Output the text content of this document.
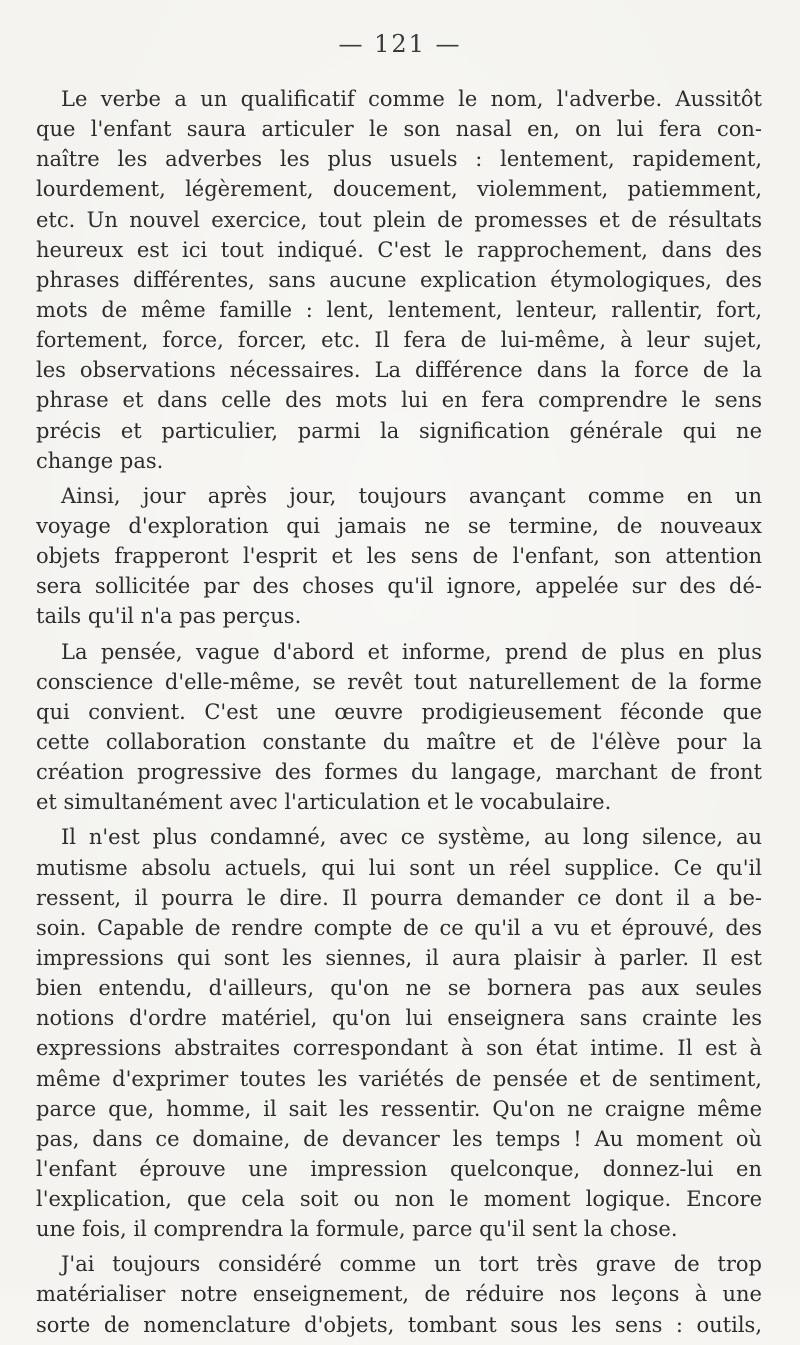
— 121 —
Le verbe a un qualificatif comme le nom, l'adverbe. Aussitôt
que l'enfant saura articuler le son nasal en, on lui fera con-
naître les adverbes les plus usuels : lentement, rapidement,
lourdement, légèrement, doucement, violemment, patiemment,
etc. Un nouvel exercice, tout plein de promesses et de résultats
heureux est ici tout indiqué. C'est le rapprochement, dans des
phrases différentes, sans aucune explication étymologiques, des
mots de même famille : lent, lentement, lenteur, rallentir, fort,
fortement, force, forcer, etc. Il fera de lui-même, à leur sujet,
les observations nécessaires. La différence dans la force de la
phrase et dans celle des mots lui en fera comprendre le sens
précis et particulier, parmi la signification générale qui ne
change pas.
Ainsi, jour après jour, toujours avançant comme en un
voyage d'exploration qui jamais ne se termine, de nouveaux
objets frapperont l'esprit et les sens de l'enfant, son attention
sera sollicitée par des choses qu'il ignore, appelée sur des dé-
tails qu'il n'a pas perçus.
La pensée, vague d'abord et informe, prend de plus en plus
conscience d'elle-même, se revêt tout naturellement de la forme
qui convient. C'est une œuvre prodigieusement féconde que
cette collaboration constante du maître et de l'élève pour la
création progressive des formes du langage, marchant de front
et simultanément avec l'articulation et le vocabulaire.
Il n'est plus condamné, avec ce système, au long silence, au
mutisme absolu actuels, qui lui sont un réel supplice. Ce qu'il
ressent, il pourra le dire. Il pourra demander ce dont il a be-
soin. Capable de rendre compte de ce qu'il a vu et éprouvé, des
impressions qui sont les siennes, il aura plaisir à parler. Il est
bien entendu, d'ailleurs, qu'on ne se bornera pas aux seules
notions d'ordre matériel, qu'on lui enseignera sans crainte les
expressions abstraites correspondant à son état intime. Il est à
même d'exprimer toutes les variétés de pensée et de sentiment,
parce que, homme, il sait les ressentir. Qu'on ne craigne même
pas, dans ce domaine, de devancer les temps ! Au moment où
l'enfant éprouve une impression quelconque, donnez-lui en
l'explication, que cela soit ou non le moment logique. Encore
une fois, il comprendra la formule, parce qu'il sent la chose.
J'ai toujours considéré comme un tort très grave de trop
matérialiser notre enseignement, de réduire nos leçons à une
sorte de nomenclature d'objets, tombant sous les sens : outils,
